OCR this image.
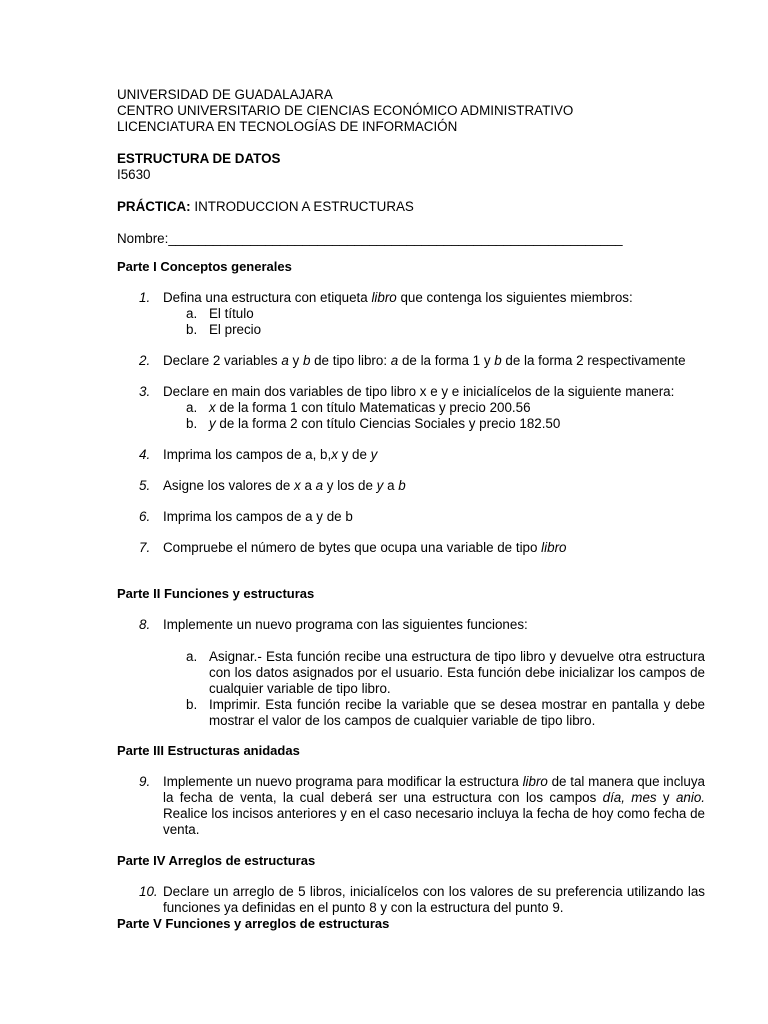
UNIVERSIDAD DE GUADALAJARA
CENTRO UNIVERSITARIO DE CIENCIAS ECONÓMICO ADMINISTRATIVO
LICENCIATURA EN TECNOLOGÍAS DE INFORMACIÓN
ESTRUCTURA DE DATOS
I5630
PRÁCTICA: INTRODUCCION A ESTRUCTURAS
Nombre:_____________________________________________________________
Parte I Conceptos generales
1. Defina una estructura con etiqueta libro que contenga los siguientes miembros:
a. El título
b. El precio
2. Declare 2 variables a y b de tipo libro: a de la forma 1 y b de la forma 2 respectivamente
3. Declare en main dos variables de tipo libro x e y e inicialícelos de la siguiente manera:
a. x de la forma 1 con título Matematicas y precio 200.56
b. y de la forma 2 con título Ciencias Sociales y precio 182.50
4. Imprima los campos de a, b,x y de y
5. Asigne los valores de x a a y los de y a b
6. Imprima los campos de a y de b
7. Compruebe el número de bytes que ocupa una variable de tipo libro
Parte II Funciones y estructuras
8. Implemente un nuevo programa con las siguientes funciones:
a. Asignar.- Esta función recibe una estructura de tipo libro y devuelve otra estructura con los datos asignados por el usuario. Esta función debe inicializar los campos de cualquier variable de tipo libro.
b. Imprimir. Esta función recibe la variable que se desea mostrar en pantalla y debe mostrar el valor de los campos de cualquier variable de tipo libro.
Parte III Estructuras anidadas
9. Implemente un nuevo programa para modificar la estructura libro de tal manera que incluya la fecha de venta, la cual deberá ser una estructura con los campos día, mes y anio. Realice los incisos anteriores y en el caso necesario incluya la fecha de hoy como fecha de venta.
Parte IV Arreglos de estructuras
10. Declare un arreglo de 5 libros, inicialícelos con los valores de su preferencia utilizando las funciones ya definidas en el punto 8 y con la estructura del punto 9.
Parte V Funciones y arreglos de estructuras
